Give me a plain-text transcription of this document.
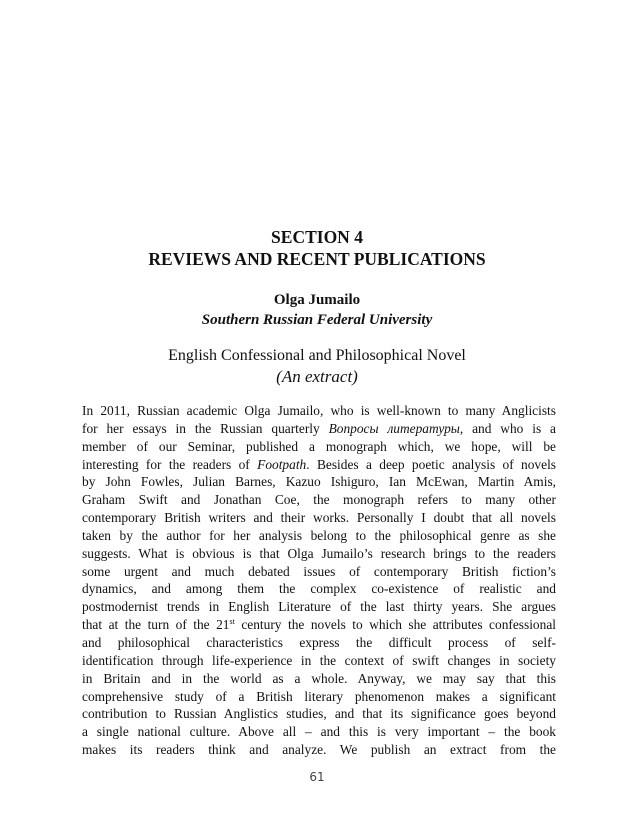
SECTION 4
REVIEWS AND RECENT PUBLICATIONS
Olga Jumailo
Southern Russian Federal University
English Confessional and Philosophical Novel
(An extract)
In 2011, Russian academic Olga Jumailo, who is well-known to many Anglicists
for her essays in the Russian quarterly Вопросы литературы, and who is a
member of our Seminar, published a monograph which, we hope, will be
interesting for the readers of Footpath. Besides a deep poetic analysis of novels
by John Fowles, Julian Barnes, Kazuo Ishiguro, Ian McEwan, Martin Amis,
Graham Swift and Jonathan Coe, the monograph refers to many other
contemporary British writers and their works. Personally I doubt that all novels
taken by the author for her analysis belong to the philosophical genre as she
suggests. What is obvious is that Olga Jumailo’s research brings to the readers
some urgent and much debated issues of contemporary British fiction’s
dynamics, and among them the complex co-existence of realistic and
postmodernist trends in English Literature of the last thirty years. She argues
that at the turn of the 21st century the novels to which she attributes confessional
and philosophical characteristics express the difficult process of self-
identification through life-experience in the context of swift changes in society
in Britain and in the world as a whole. Anyway, we may say that this
comprehensive study of a British literary phenomenon makes a significant
contribution to Russian Anglistics studies, and that its significance goes beyond
a single national culture. Above all – and this is very important – the book
makes its readers think and analyze. We publish an extract from the
61
